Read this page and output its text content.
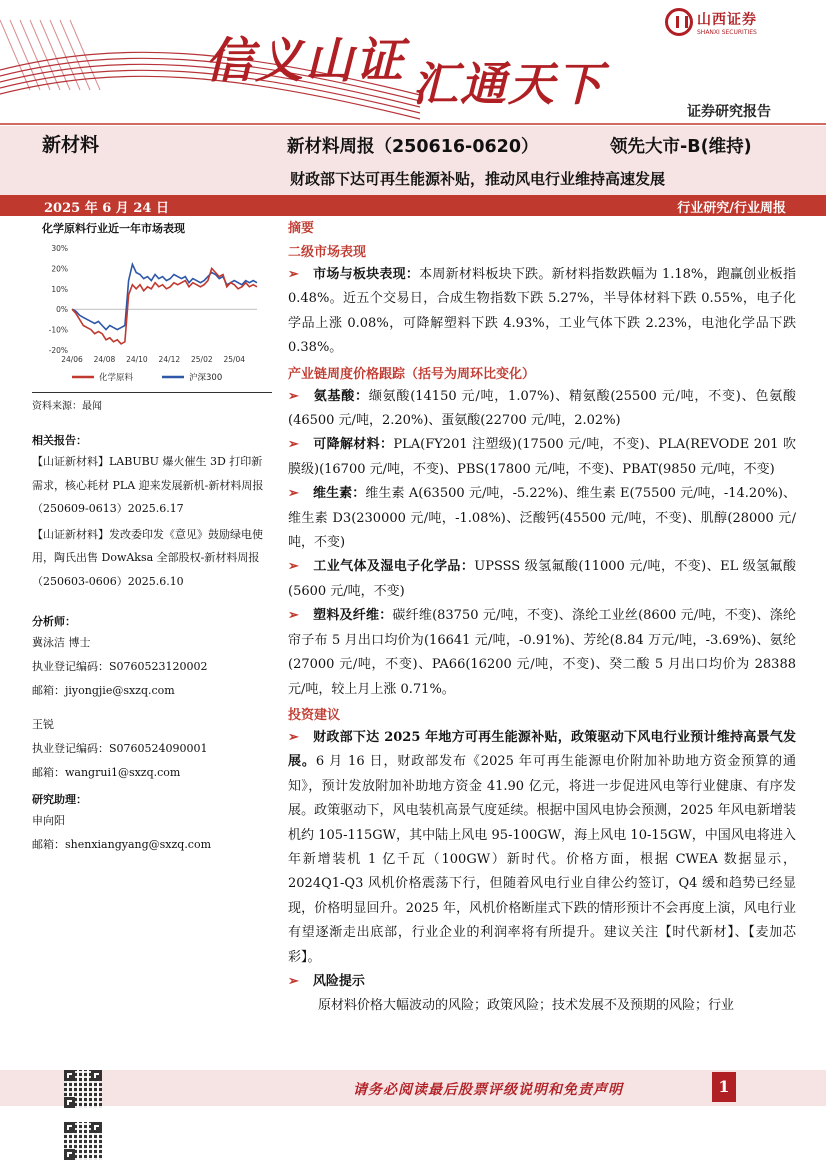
信义山证 汇通天下
山西证券
SHANXI SECURITIES
证券研究报告
新材料	新材料周报（250616-0620）	领先大市-B(维持)
财政部下达可再生能源补贴，推动风电行业维持高速发展
2025 年 6 月 24 日	行业研究/行业周报
化学原料行业近一年市场表现
30%
20%
10%
0%
-10%
-20%
24/06 24/08 24/10 24/12 25/02 25/04
化学原料	沪深300
资料来源：最闻
相关报告：
【山证新材料】LABUBU 爆火催生 3D 打印新需求，核心耗材 PLA 迎来发展新机-新材料周报（250609-0613）2025.6.17
【山证新材料】发改委印发《意见》鼓励绿电使用，陶氏出售 DowAksa 全部股权-新材料周报（250603-0606）2025.6.10
分析师：
冀泳洁 博士
执业登记编码：S0760523120002
邮箱：jiyongjie@sxzq.com
王锐
执业登记编码：S0760524090001
邮箱：wangrui1@sxzq.com
研究助理：
申向阳
邮箱：shenxiangyang@sxzq.com
摘要
二级市场表现

➢ 市场与板块表现：本周新材料板块下跌。新材料指数跌幅为 1.18%，跑赢创业板指 0.48%。近五个交易日，合成生物指数下跌 5.27%，半导体材料下跌 0.55%，电子化学品上涨 0.08%，可降解塑料下跌 4.93%，工业气体下跌 2.23%，电池化学品下跌 0.38%。

产业链周度价格跟踪（括号为周环比变化）

➢ 氨基酸：缬氨酸(14150 元/吨，1.07%)、精氨酸(25500 元/吨，不变)、色氨酸(46500 元/吨，2.20%)、蛋氨酸(22700 元/吨，2.02%)

➢ 可降解材料：PLA(FY201 注塑级)(17500 元/吨，不变)、PLA(REVODE 201 吹膜级)(16700 元/吨，不变)、PBS(17800 元/吨，不变)、PBAT(9850 元/吨，不变)

➢ 维生素：维生素 A(63500 元/吨，-5.22%)、维生素 E(75500 元/吨，-14.20%)、维生素 D3(230000 元/吨，-1.08%)、泛酸钙(45500 元/吨，不变)、肌醇(28000 元/吨，不变)

➢ 工业气体及湿电子化学品：UPSSS 级氢氟酸(11000 元/吨，不变)、EL 级氢氟酸(5600 元/吨，不变)

➢ 塑料及纤维：碳纤维(83750 元/吨，不变)、涤纶工业丝(8600 元/吨，不变)、涤纶帘子布 5 月出口均价为(16641 元/吨，-0.91%)、芳纶(8.84 万元/吨，-3.69%)、氨纶(27000 元/吨，不变)、PA66(16200 元/吨，不变)、癸二酸 5 月出口均价为 28388 元/吨，较上月上涨 0.71%。

投资建议

➢ 财政部下达 2025 年地方可再生能源补贴，政策驱动下风电行业预计维持高景气发展。6 月 16 日，财政部发布《2025 年可再生能源电价附加补助地方资金预算的通知》，预计发放附加补助地方资金 41.90 亿元，将进一步促进风电等行业健康、有序发展。政策驱动下，风电装机高景气度延续。根据中国风电协会预测，2025 年风电新增装机约 105-115GW，其中陆上风电 95-100GW，海上风电 10-15GW，中国风电将进入年新增装机 1 亿千瓦（100GW）新时代。价格方面，根据 CWEA 数据显示，2024Q1-Q3 风机价格震荡下行，但随着风电行业自律公约签订，Q4 缓和趋势已经显现，价格明显回升。2025 年，风机价格断崖式下跌的情形预计不会再度上演，风电行业有望逐渐走出底部，行业企业的利润率将有所提升。建议关注【时代新材】、【麦加芯彩】。

➢ 风险提示

原材料价格大幅波动的风险；政策风险；技术发展不及预期的风险；行业

请务必阅读最后股票评级说明和免责声明	1
